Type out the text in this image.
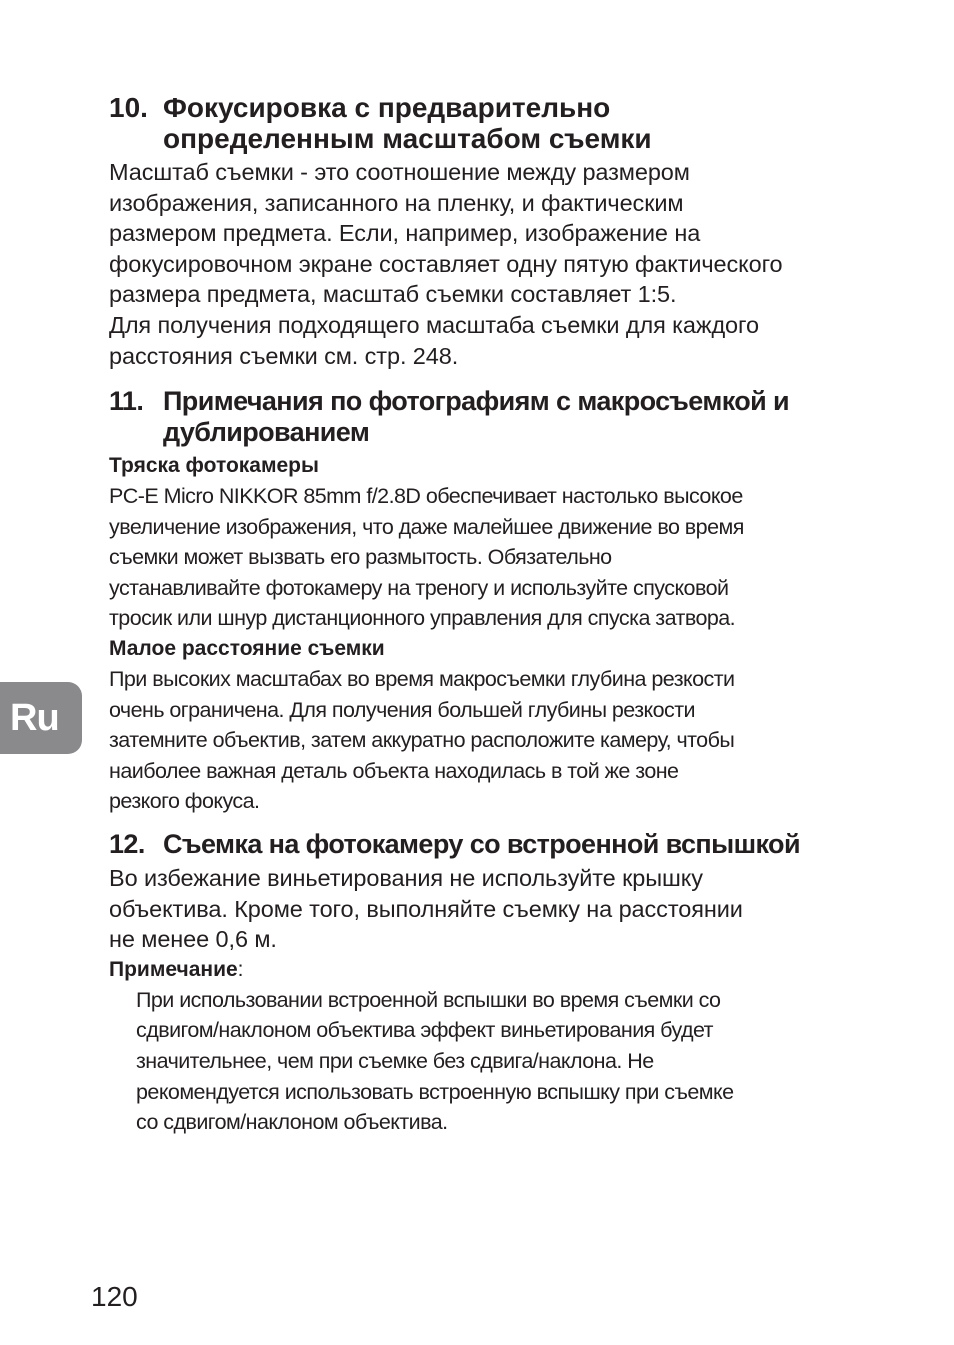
Ru
10. Фокусировка с предварительно
определенным масштабом съемки
Масштаб съемки - это соотношение между размером
изображения, записанного на пленку, и фактическим
размером предмета. Если, например, изображение на
фокусировочном экране составляет одну пятую фактического
размера предмета, масштаб съемки составляет 1:5.
Для получения подходящего масштаба съемки для каждого
расстояния съемки см. стр. 248.
11. Примечания по фотографиям с макросъемкой и
дублированием
Тряска фотокамеры
PC-E Micro NIKKOR 85mm f/2.8D обеспечивает настолько высокое
увеличение изображения, что даже малейшее движение во время
съемки может вызвать его размытость. Обязательно
устанавливайте фотокамеру на треногу и используйте спусковой
тросик или шнур дистанционного управления для спуска затвора.
Малое расстояние съемки
При высоких масштабах во время макросъемки глубина резкости
очень ограничена. Для получения большей глубины резкости
затемните объектив, затем аккуратно расположите камеру, чтобы
наиболее важная деталь объекта находилась в той же зоне
резкого фокуса.
12. Съемка на фотокамеру со встроенной вспышкой
Во избежание виньетирования не используйте крышку
объектива. Кроме того, выполняйте съемку на расстоянии
не менее 0,6 м.
Примечание:
При использовании встроенной вспышки во время съемки со
сдвигом/наклоном объектива эффект виньетирования будет
значительнее, чем при съемке без сдвига/наклона. Не
рекомендуется использовать встроенную вспышку при съемке
со сдвигом/наклоном объектива.
120
